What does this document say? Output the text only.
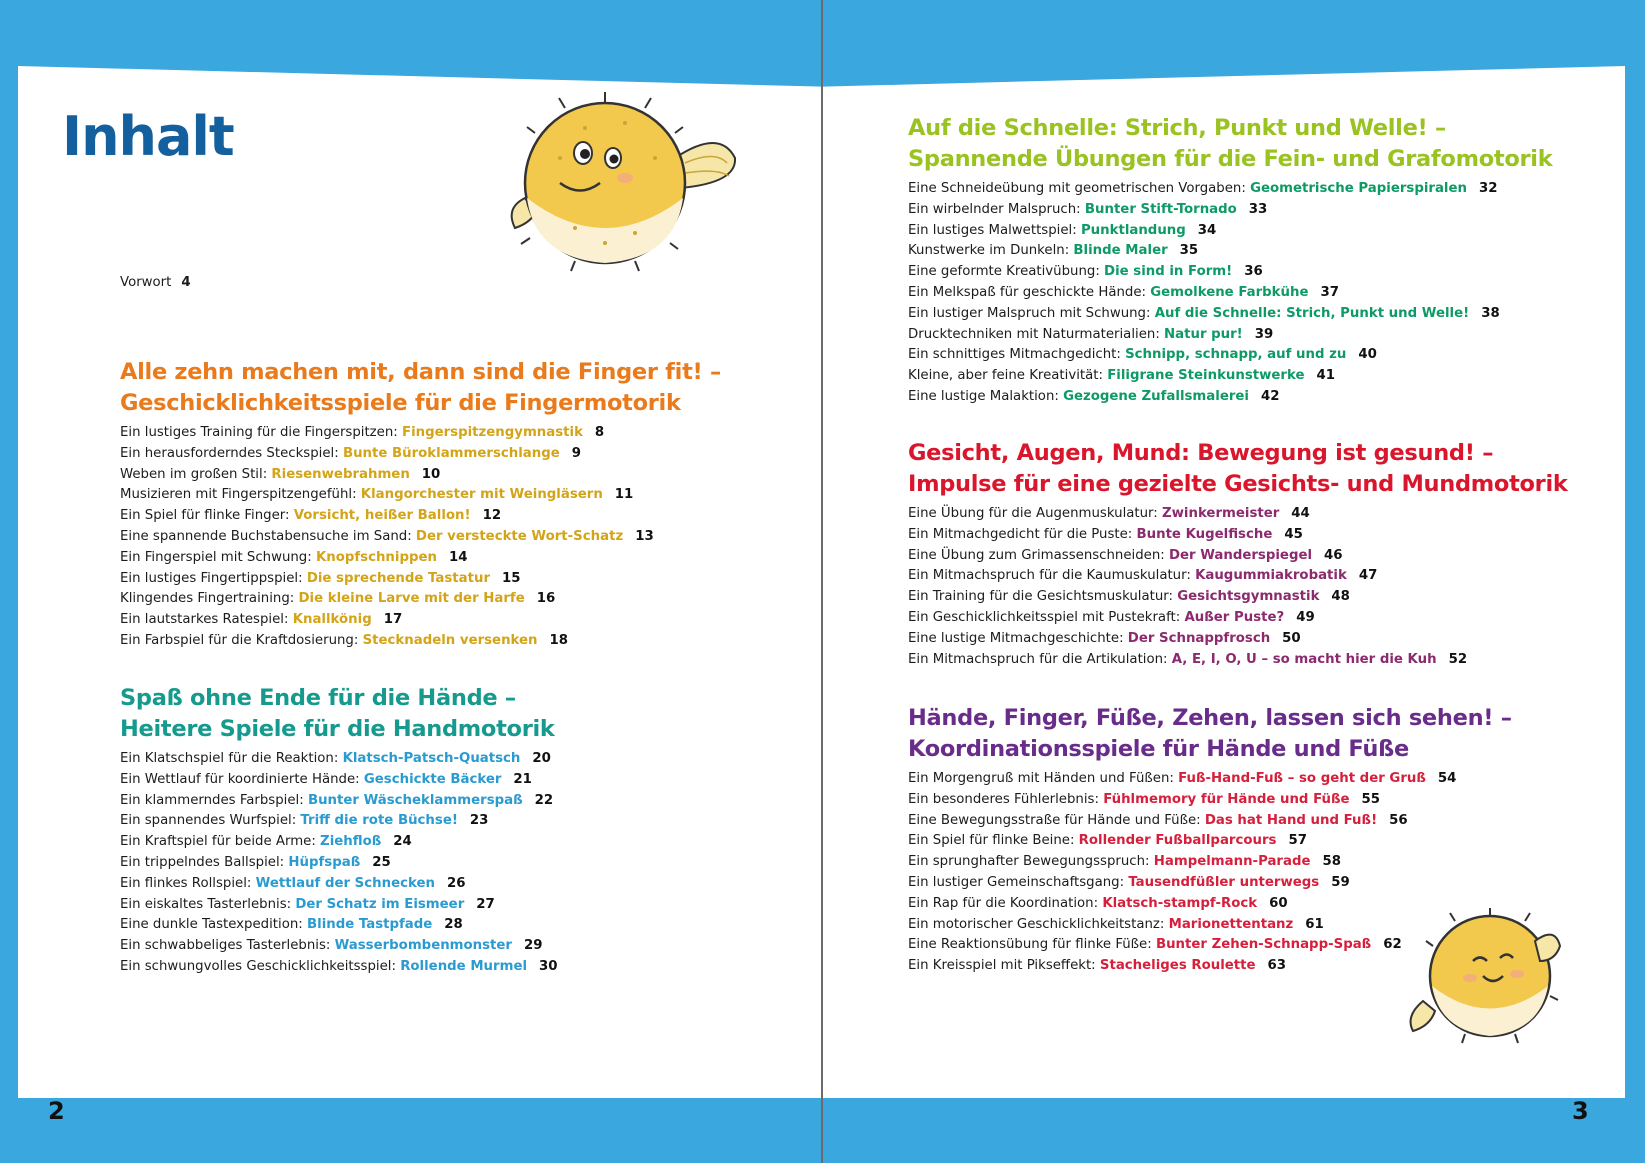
Inhalt
Vorwort 4
Alle zehn machen mit, dann sind die Finger fit! –
Geschicklichkeitsspiele für die Fingermotorik
Ein lustiges Training für die Fingerspitzen: Fingerspitzengymnastik 8
Ein herausforderndes Steckspiel: Bunte Büroklammerschlange 9
Weben im großen Stil: Riesenwebrahmen 10
Musizieren mit Fingerspitzengefühl: Klangorchester mit Weingläsern 11
Ein Spiel für flinke Finger: Vorsicht, heißer Ballon! 12
Eine spannende Buchstabensuche im Sand: Der versteckte Wort-Schatz 13
Ein Fingerspiel mit Schwung: Knopfschnippen 14
Ein lustiges Fingertippspiel: Die sprechende Tastatur 15
Klingendes Fingertraining: Die kleine Larve mit der Harfe 16
Ein lautstarkes Ratespiel: Knallkönig 17
Ein Farbspiel für die Kraftdosierung: Stecknadeln versenken 18
Spaß ohne Ende für die Hände –
Heitere Spiele für die Handmotorik
Ein Klatschspiel für die Reaktion: Klatsch-Patsch-Quatsch 20
Ein Wettlauf für koordinierte Hände: Geschickte Bäcker 21
Ein klammerndes Farbspiel: Bunter Wäscheklammerspaß 22
Ein spannendes Wurfspiel: Triff die rote Büchse! 23
Ein Kraftspiel für beide Arme: Ziehfloß 24
Ein trippelndes Ballspiel: Hüpfspaß 25
Ein flinkes Rollspiel: Wettlauf der Schnecken 26
Ein eiskaltes Tasterlebnis: Der Schatz im Eismeer 27
Eine dunkle Tastexpedition: Blinde Tastpfade 28
Ein schwabbeliges Tasterlebnis: Wasserbombenmonster 29
Ein schwungvolles Geschicklichkeitsspiel: Rollende Murmel 30
Auf die Schnelle: Strich, Punkt und Welle! –
Spannende Übungen für die Fein- und Grafomotorik
Eine Schneideübung mit geometrischen Vorgaben: Geometrische Papierspiralen 32
Ein wirbelnder Malspruch: Bunter Stift-Tornado 33
Ein lustiges Malwettspiel: Punktlandung 34
Kunstwerke im Dunkeln: Blinde Maler 35
Eine geformte Kreativübung: Die sind in Form! 36
Ein Melkspaß für geschickte Hände: Gemolkene Farbkühe 37
Ein lustiger Malspruch mit Schwung: Auf die Schnelle: Strich, Punkt und Welle! 38
Drucktechniken mit Naturmaterialien: Natur pur! 39
Ein schnittiges Mitmachgedicht: Schnipp, schnapp, auf und zu 40
Kleine, aber feine Kreativität: Filigrane Steinkunstwerke 41
Eine lustige Malaktion: Gezogene Zufallsmalerei 42
Gesicht, Augen, Mund: Bewegung ist gesund! –
Impulse für eine gezielte Gesichts- und Mundmotorik
Eine Übung für die Augenmuskulatur: Zwinkermeister 44
Ein Mitmachgedicht für die Puste: Bunte Kugelfische 45
Eine Übung zum Grimassenschneiden: Der Wanderspiegel 46
Ein Mitmachspruch für die Kaumuskulatur: Kaugummiakrobatik 47
Ein Training für die Gesichtsmuskulatur: Gesichtsgymnastik 48
Ein Geschicklichkeitsspiel mit Pustekraft: Außer Puste? 49
Eine lustige Mitmachgeschichte: Der Schnappfrosch 50
Ein Mitmachspruch für die Artikulation: A, E, I, O, U – so macht hier die Kuh 52
Hände, Finger, Füße, Zehen, lassen sich sehen! –
Koordinationsspiele für Hände und Füße
Ein Morgengruß mit Händen und Füßen: Fuß-Hand-Fuß – so geht der Gruß 54
Ein besonderes Fühlerlebnis: Fühlmemory für Hände und Füße 55
Eine Bewegungsstraße für Hände und Füße: Das hat Hand und Fuß! 56
Ein Spiel für flinke Beine: Rollender Fußballparcours 57
Ein sprunghafter Bewegungsspruch: Hampelmann-Parade 58
Ein lustiger Gemeinschaftsgang: Tausendfüßler unterwegs 59
Ein Rap für die Koordination: Klatsch-stampf-Rock 60
Ein motorischer Geschicklichkeitstanz: Marionettentanz 61
Eine Reaktionsübung für flinke Füße: Bunter Zehen-Schnapp-Spaß 62
Ein Kreisspiel mit Pikseffekt: Stacheliges Roulette 63
2	3
